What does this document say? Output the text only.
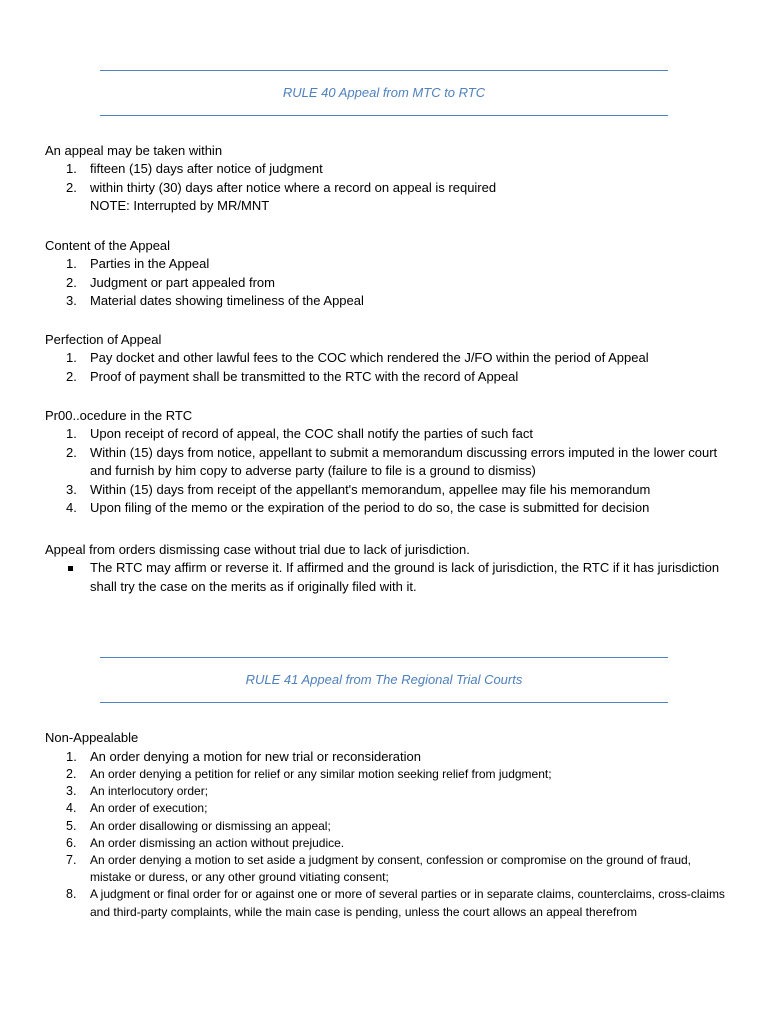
RULE 40 Appeal from MTC to RTC
An appeal may be taken within
1.	fifteen (15) days after notice of judgment
2.	within thirty (30) days after notice where a record on appeal is required
NOTE: Interrupted by MR/MNT
Content of the Appeal
1.	Parties in the Appeal
2.	Judgment or part appealed from
3.	Material dates showing timeliness of the Appeal
Perfection of Appeal
1.	Pay docket and other lawful fees to the COC which rendered the J/FO within the period of Appeal
2.	Proof of payment shall be transmitted to the RTC with the record of Appeal
Pr00..ocedure in the RTC
1.	Upon receipt of record of appeal, the COC shall notify the parties of such fact
2.	Within (15) days from notice, appellant to submit a memorandum discussing errors imputed in the lower court and furnish by him copy to adverse party (failure to file is a ground to dismiss)
3.	Within (15) days from receipt of the appellant's memorandum, appellee may file his memorandum
4.	Upon filing of the memo or the expiration of the period to do so, the case is submitted for decision
Appeal from orders dismissing case without trial due to lack of jurisdiction.
The RTC may affirm or reverse it. If affirmed and the ground is lack of jurisdiction, the RTC if it has jurisdiction shall try the case on the merits as if originally filed with it.
RULE 41 Appeal from The Regional Trial Courts
Non-Appealable
1.	An order denying a motion for new trial or reconsideration
2.	An order denying a petition for relief or any similar motion seeking relief from judgment;
3.	An interlocutory order;
4.	An order of execution;
5.	An order disallowing or dismissing an appeal;
6.	An order dismissing an action without prejudice.
7.	An order denying a motion to set aside a judgment by consent, confession or compromise on the ground of fraud, mistake or duress, or any other ground vitiating consent;
8.	A judgment or final order for or against one or more of several parties or in separate claims, counterclaims, cross-claims and third-party complaints, while the main case is pending, unless the court allows an appeal therefrom
